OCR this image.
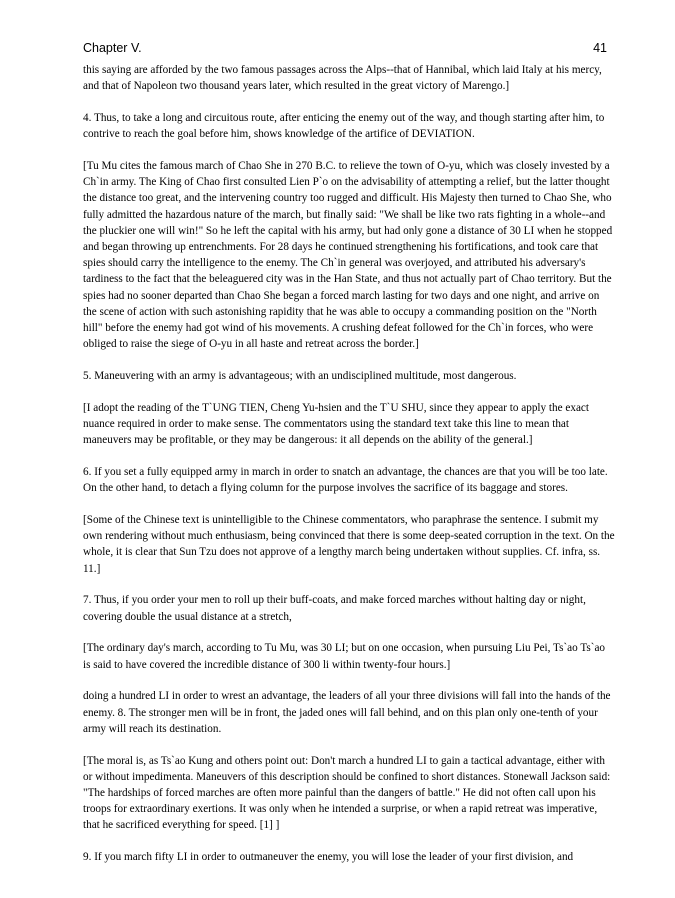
Chapter V.	41

this saying are afforded by the two famous passages across the Alps--that of Hannibal, which laid Italy at his mercy, and that of Napoleon two thousand years later, which resulted in the great victory of Marengo.]

4. Thus, to take a long and circuitous route, after enticing the enemy out of the way, and though starting after him, to contrive to reach the goal before him, shows knowledge of the artifice of DEVIATION.

[Tu Mu cites the famous march of Chao She in 270 B.C. to relieve the town of O-yu, which was closely invested by a Ch`in army. The King of Chao first consulted Lien P`o on the advisability of attempting a relief, but the latter thought the distance too great, and the intervening country too rugged and difficult. His Majesty then turned to Chao She, who fully admitted the hazardous nature of the march, but finally said: "We shall be like two rats fighting in a whole--and the pluckier one will win!" So he left the capital with his army, but had only gone a distance of 30 LI when he stopped and began throwing up entrenchments. For 28 days he continued strengthening his fortifications, and took care that spies should carry the intelligence to the enemy. The Ch`in general was overjoyed, and attributed his adversary's tardiness to the fact that the beleaguered city was in the Han State, and thus not actually part of Chao territory. But the spies had no sooner departed than Chao She began a forced march lasting for two days and one night, and arrive on the scene of action with such astonishing rapidity that he was able to occupy a commanding position on the "North hill" before the enemy had got wind of his movements. A crushing defeat followed for the Ch`in forces, who were obliged to raise the siege of O-yu in all haste and retreat across the border.]

5. Maneuvering with an army is advantageous; with an undisciplined multitude, most dangerous.

[I adopt the reading of the T`UNG TIEN, Cheng Yu-hsien and the T`U SHU, since they appear to apply the exact nuance required in order to make sense. The commentators using the standard text take this line to mean that maneuvers may be profitable, or they may be dangerous: it all depends on the ability of the general.]

6. If you set a fully equipped army in march in order to snatch an advantage, the chances are that you will be too late. On the other hand, to detach a flying column for the purpose involves the sacrifice of its baggage and stores.

[Some of the Chinese text is unintelligible to the Chinese commentators, who paraphrase the sentence. I submit my own rendering without much enthusiasm, being convinced that there is some deep-seated corruption in the text. On the whole, it is clear that Sun Tzu does not approve of a lengthy march being undertaken without supplies. Cf. infra, ss. 11.]

7. Thus, if you order your men to roll up their buff-coats, and make forced marches without halting day or night, covering double the usual distance at a stretch,

[The ordinary day's march, according to Tu Mu, was 30 LI; but on one occasion, when pursuing Liu Pei, Ts`ao Ts`ao is said to have covered the incredible distance of 300 li within twenty-four hours.]

doing a hundred LI in order to wrest an advantage, the leaders of all your three divisions will fall into the hands of the enemy. 8. The stronger men will be in front, the jaded ones will fall behind, and on this plan only one-tenth of your army will reach its destination.

[The moral is, as Ts`ao Kung and others point out: Don't march a hundred LI to gain a tactical advantage, either with or without impedimenta. Maneuvers of this description should be confined to short distances. Stonewall Jackson said: "The hardships of forced marches are often more painful than the dangers of battle." He did not often call upon his troops for extraordinary exertions. It was only when he intended a surprise, or when a rapid retreat was imperative, that he sacrificed everything for speed. [1] ]

9. If you march fifty LI in order to outmaneuver the enemy, you will lose the leader of your first division, and
